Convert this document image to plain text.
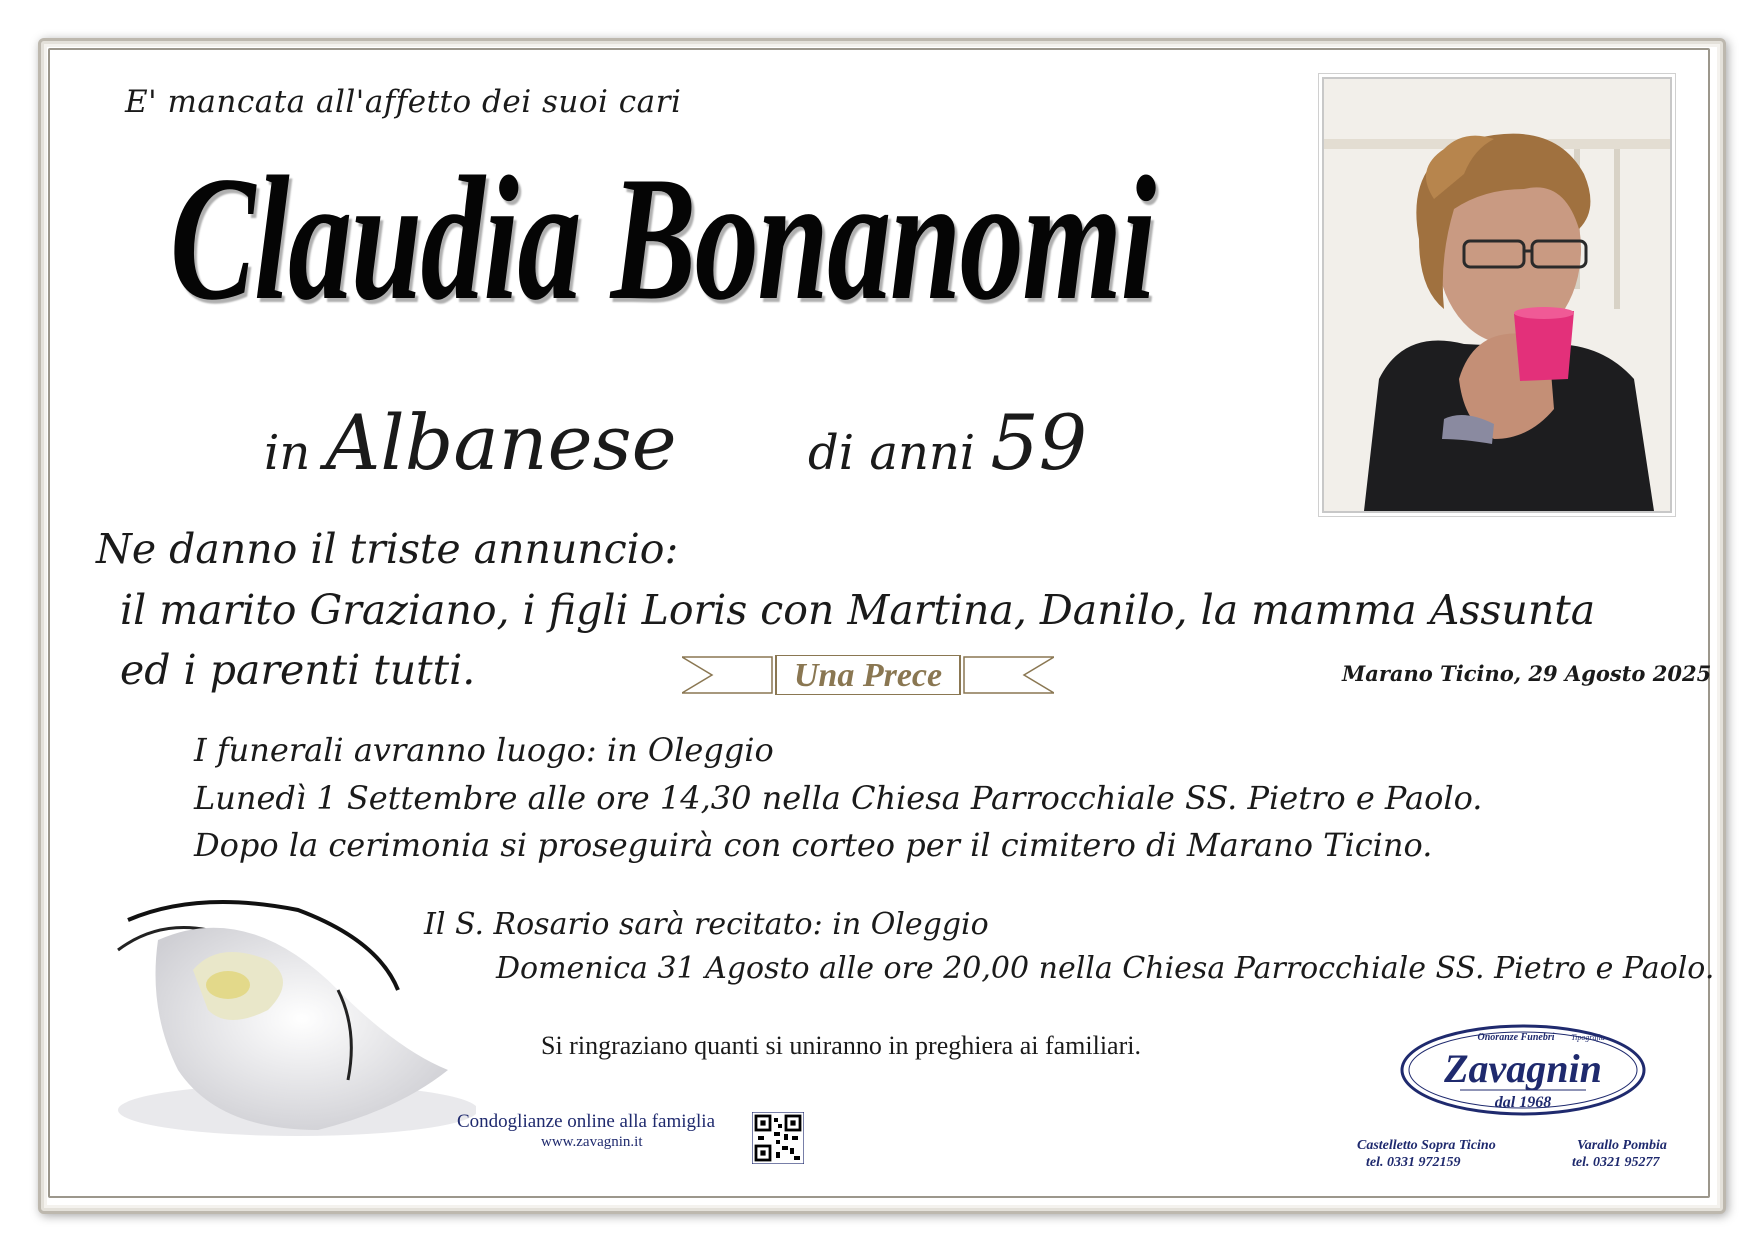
E' mancata all'affetto dei suoi cari
Claudia Bonanomi
in Albanese	di anni 59
Ne danno il triste annuncio:
il marito Graziano, i figli Loris con Martina, Danilo, la mamma Assunta
ed i parenti tutti.	Una Prece	Marano Ticino, 29 Agosto 2025
I funerali avranno luogo: in Oleggio
Lunedì 1 Settembre alle ore 14,30 nella Chiesa Parrocchiale SS. Pietro e Paolo.
Dopo la cerimonia si proseguirà con corteo per il cimitero di Marano Ticino.
Il S. Rosario sarà recitato: in Oleggio
Domenica 31 Agosto alle ore 20,00 nella Chiesa Parrocchiale SS. Pietro e Paolo.
Si ringraziano quanti si uniranno in preghiera ai familiari.
Condoglianze online alla famiglia
www.zavagnin.it
Onoranze Funebri Tipografia
Zavagnin
dal 1968
Castelletto Sopra Ticino
tel. 0331 972159
Varallo Pombia
tel. 0321 95277
